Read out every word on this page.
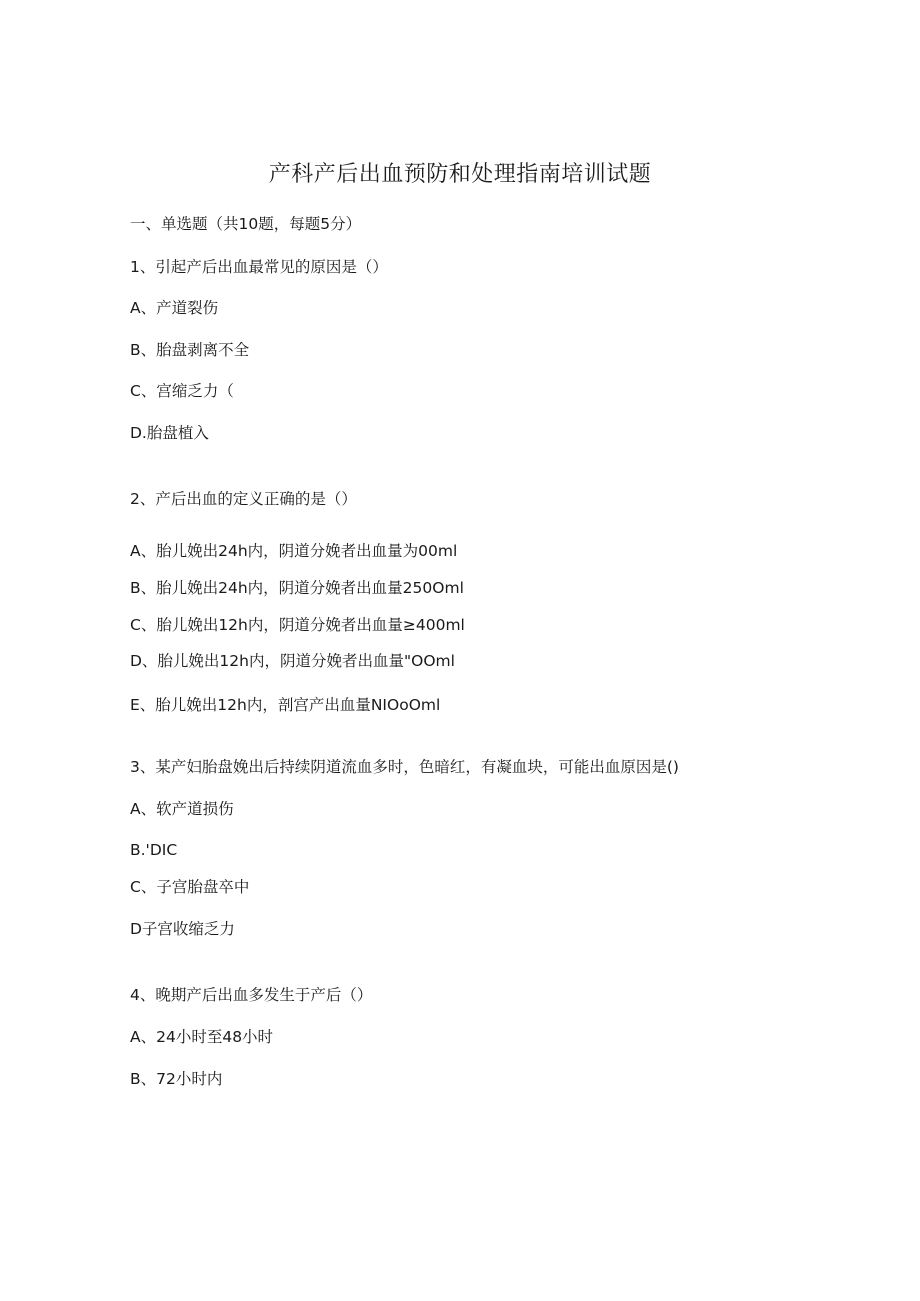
产科产后出血预防和处理指南培训试题
一、单选题（共10题，每题5分）
1、引起产后出血最常见的原因是（）
A、产道裂伤
B、胎盘剥离不全
C、宫缩乏力（
D.胎盘植入
2、产后出血的定义正确的是（）
A、胎儿娩出24h内，阴道分娩者出血量为00ml
B、胎儿娩出24h内，阴道分娩者出血量250Oml
C、胎儿娩出12h内，阴道分娩者出血量≥400ml
D、胎儿娩出12h内，阴道分娩者出血量"OOml
E、胎儿娩出12h内，剖宫产出血量NIOoOml
3、某产妇胎盘娩出后持续阴道流血多时，色暗红，有凝血块，可能出血原因是()
A、软产道损伤
B.'DIC
C、子宫胎盘卒中
D子宫收缩乏力
4、晚期产后出血多发生于产后（）
A、24小时至48小时
B、72小时内
